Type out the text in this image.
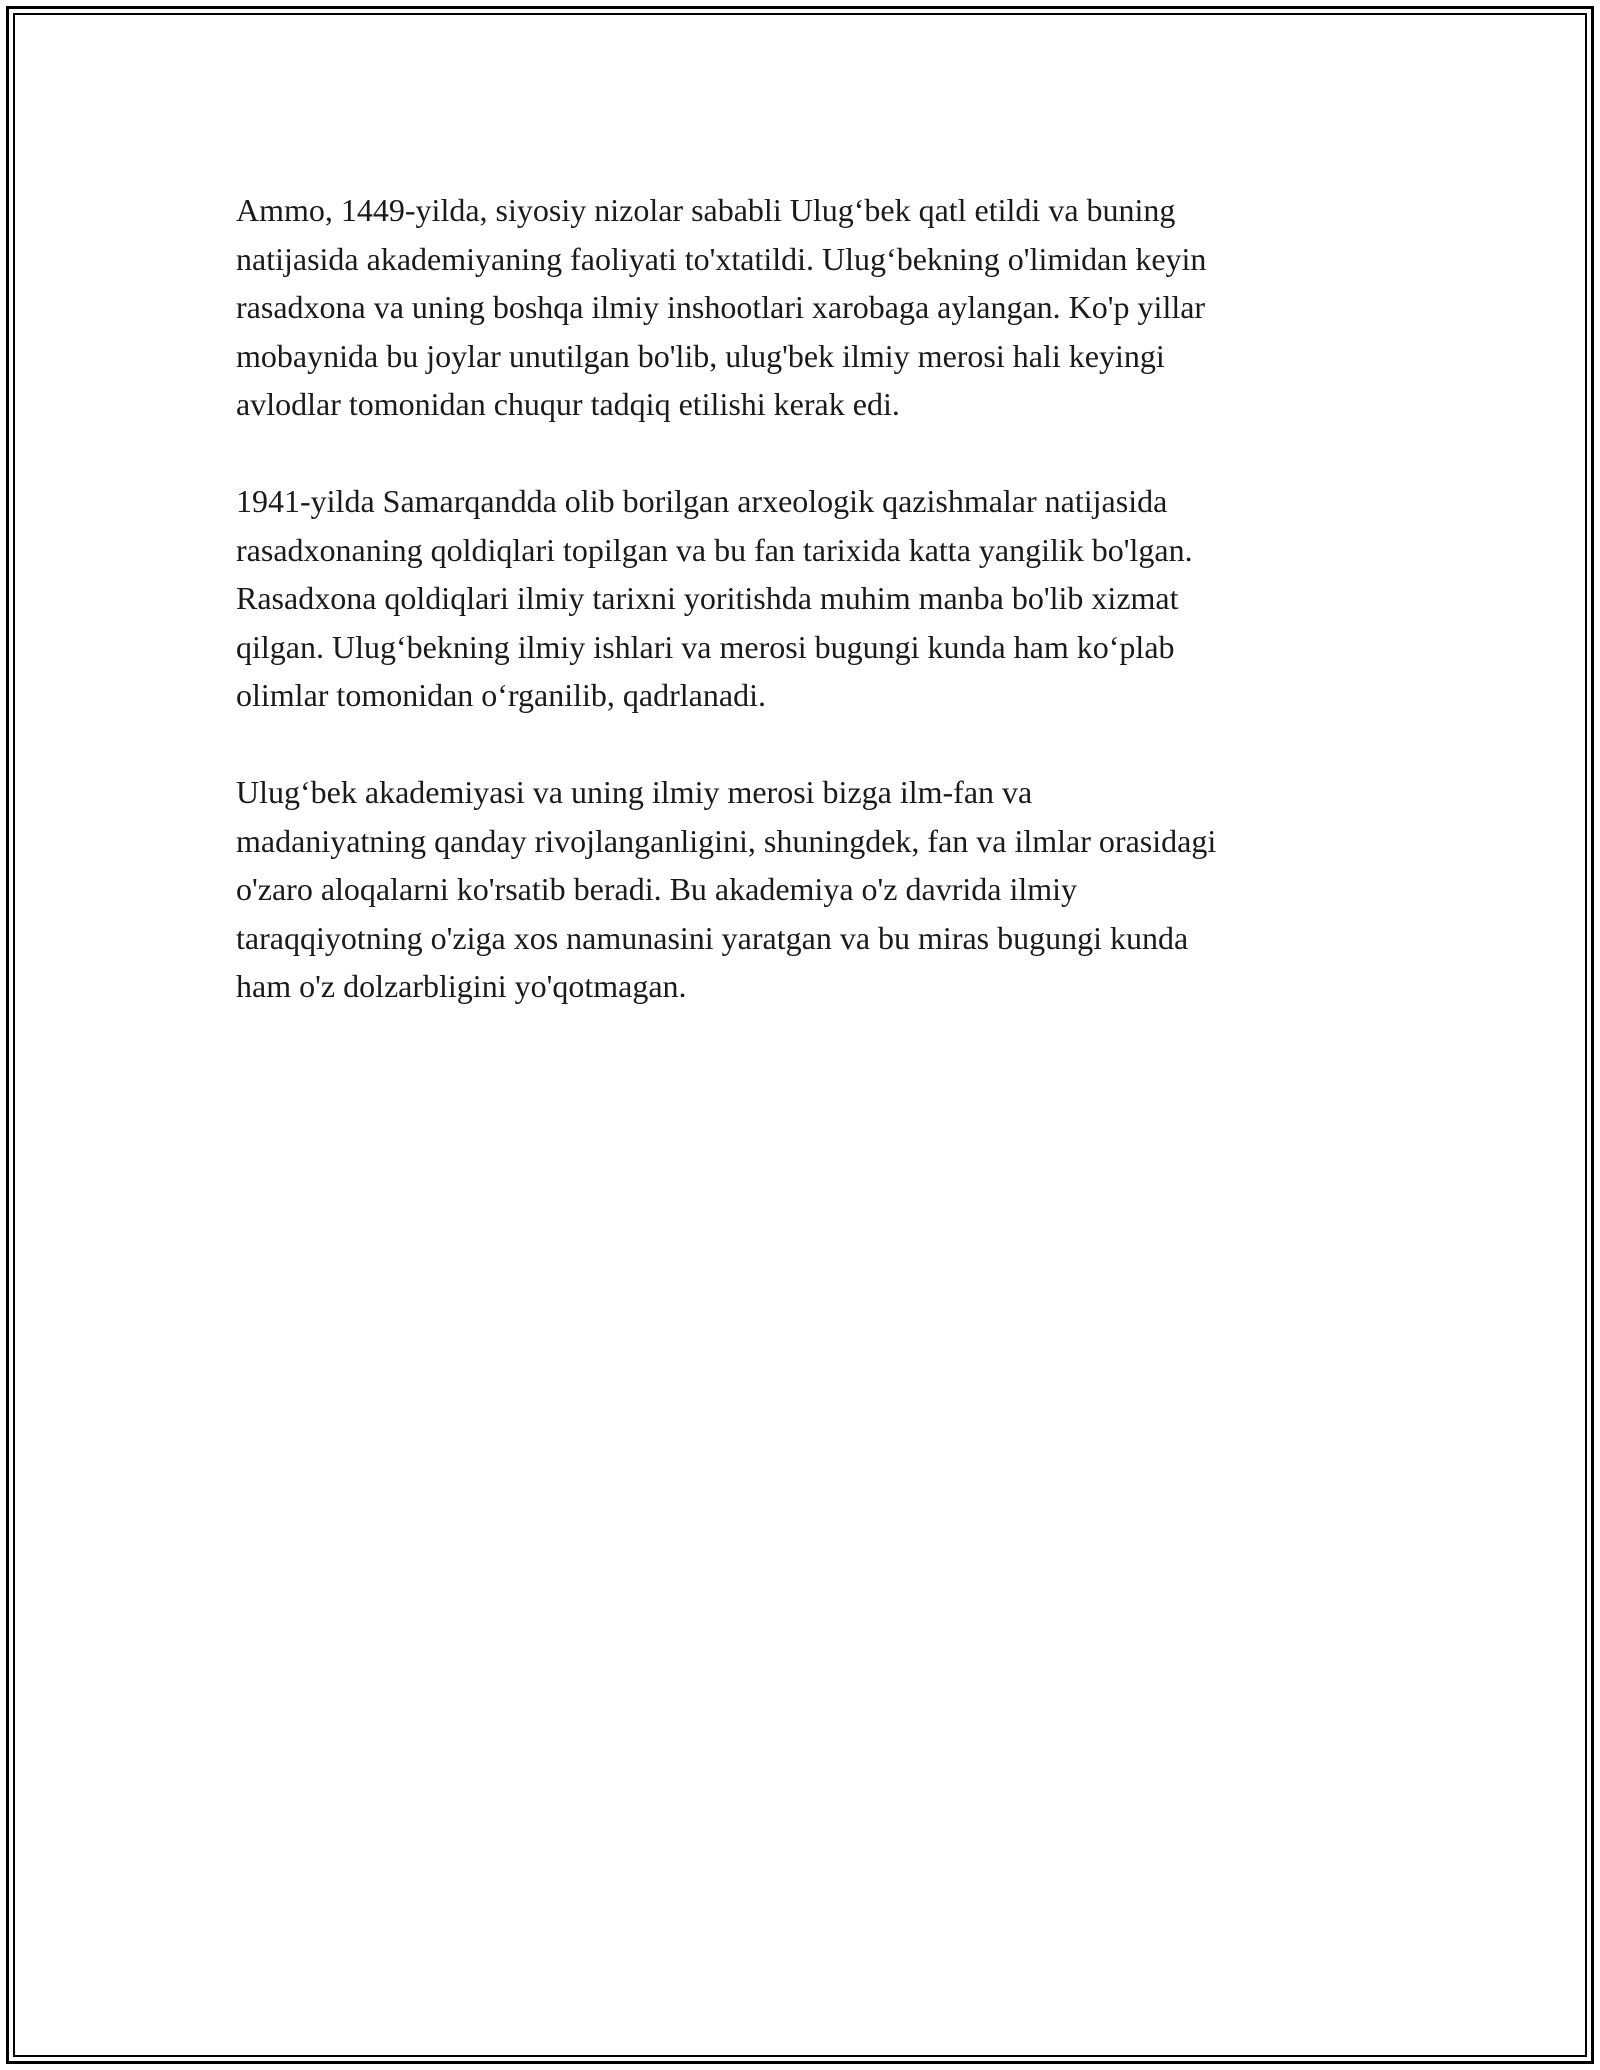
Ammo, 1449-yilda, siyosiy nizolar sababli Ulug‘bek qatl etildi va buning
natijasida akademiyaning faoliyati to'xtatildi. Ulug‘bekning o'limidan keyin
rasadxona va uning boshqa ilmiy inshootlari xarobaga aylangan. Ko'p yillar
mobaynida bu joylar unutilgan bo'lib, ulug'bek ilmiy merosi hali keyingi
avlodlar tomonidan chuqur tadqiq etilishi kerak edi.

1941-yilda Samarqandda olib borilgan arxeologik qazishmalar natijasida
rasadxonaning qoldiqlari topilgan va bu fan tarixida katta yangilik bo'lgan.
Rasadxona qoldiqlari ilmiy tarixni yoritishda muhim manba bo'lib xizmat
qilgan. Ulug‘bekning ilmiy ishlari va merosi bugungi kunda ham ko‘plab
olimlar tomonidan o‘rganilib, qadrlanadi.

Ulug‘bek akademiyasi va uning ilmiy merosi bizga ilm-fan va
madaniyatning qanday rivojlanganligini, shuningdek, fan va ilmlar orasidagi
o'zaro aloqalarni ko'rsatib beradi. Bu akademiya o'z davrida ilmiy
taraqqiyotning o'ziga xos namunasini yaratgan va bu miras bugungi kunda
ham o'z dolzarbligini yo'qotmagan.
